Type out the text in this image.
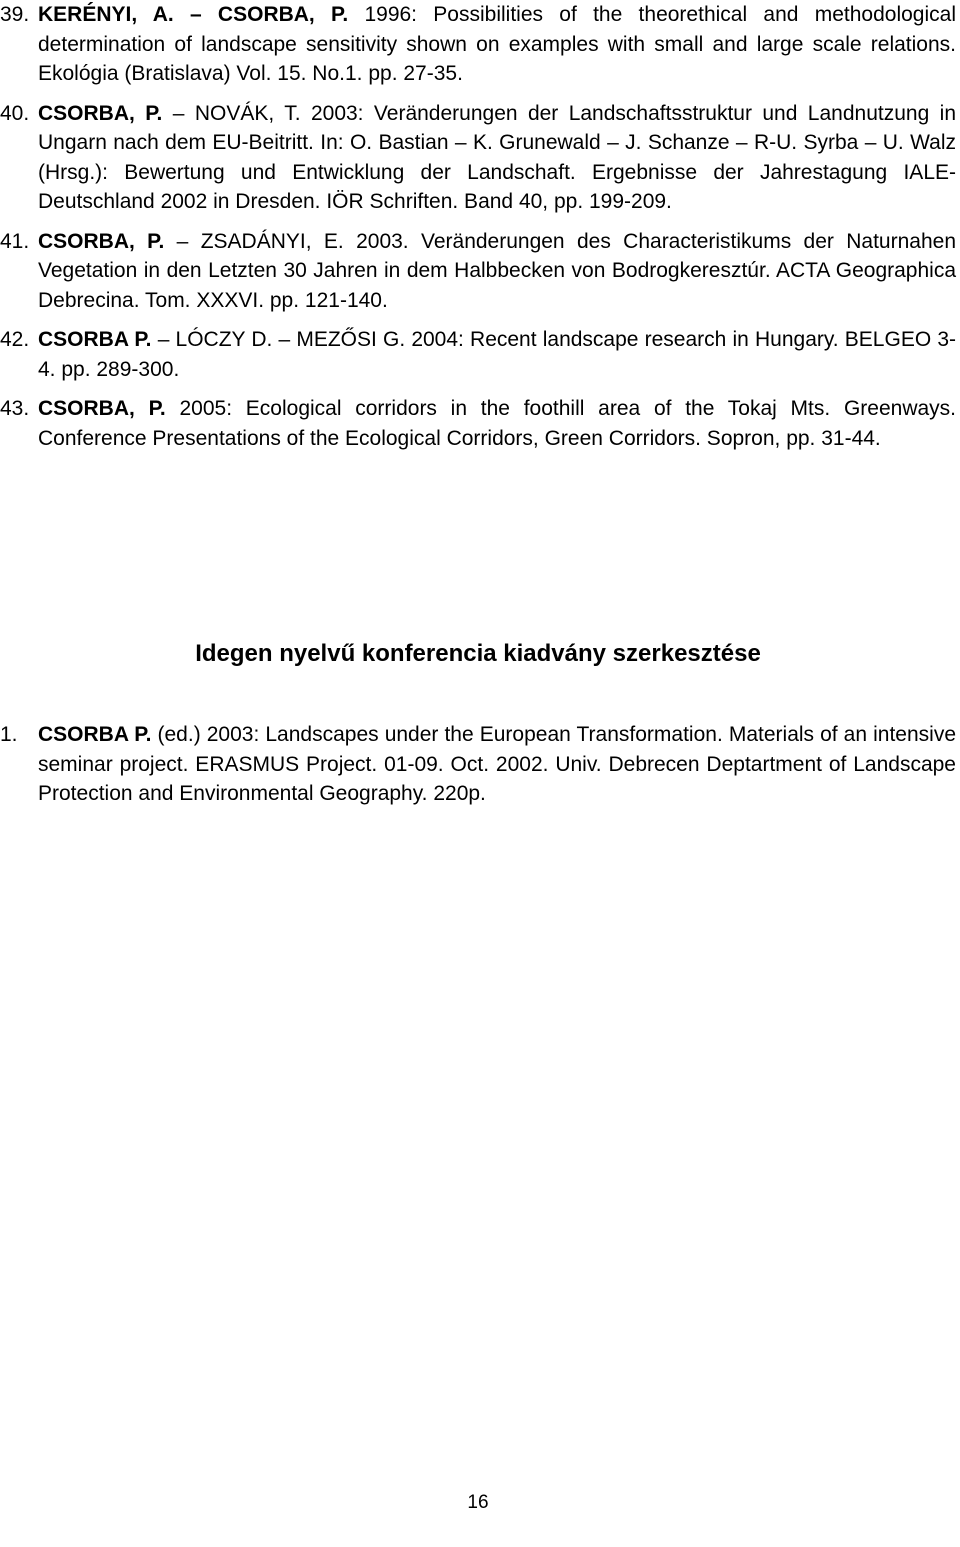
39. KERÉNYI, A. – CSORBA, P. 1996: Possibilities of the theorethical and methodological determination of landscape sensitivity shown on examples with small and large scale relations. Ekológia (Bratislava) Vol. 15. No.1. pp. 27-35.
40. CSORBA, P. – NOVÁK, T. 2003: Veränderungen der Landschaftsstruktur und Landnutzung in Ungarn nach dem EU-Beitritt. In: O. Bastian – K. Grunewald – J. Schanze – R-U. Syrba – U. Walz (Hrsg.): Bewertung und Entwicklung der Landschaft. Ergebnisse der Jahrestagung IALE-Deutschland 2002 in Dresden. IÖR Schriften. Band 40, pp. 199-209.
41. CSORBA, P. – ZSADÁNYI, E. 2003. Veränderungen des Characteristikums der Naturnahen Vegetation in den Letzten 30 Jahren in dem Halbbecken von Bodrogkeresztúr. ACTA Geographica Debrecina. Tom. XXXVI. pp. 121-140.
42. CSORBA P. – LÓCZY D. – MEZŐSI G. 2004: Recent landscape research in Hungary. BELGEO 3-4. pp. 289-300.
43. CSORBA, P. 2005: Ecological corridors in the foothill area of the Tokaj Mts. Greenways. Conference Presentations of the Ecological Corridors, Green Corridors. Sopron, pp. 31-44.
Idegen nyelvű konferencia kiadvány szerkesztése
1. CSORBA P. (ed.) 2003: Landscapes under the European Transformation. Materials of an intensive seminar project. ERASMUS Project. 01-09. Oct. 2002. Univ. Debrecen Deptartment of Landscape Protection and Environmental Geography. 220p.
16
